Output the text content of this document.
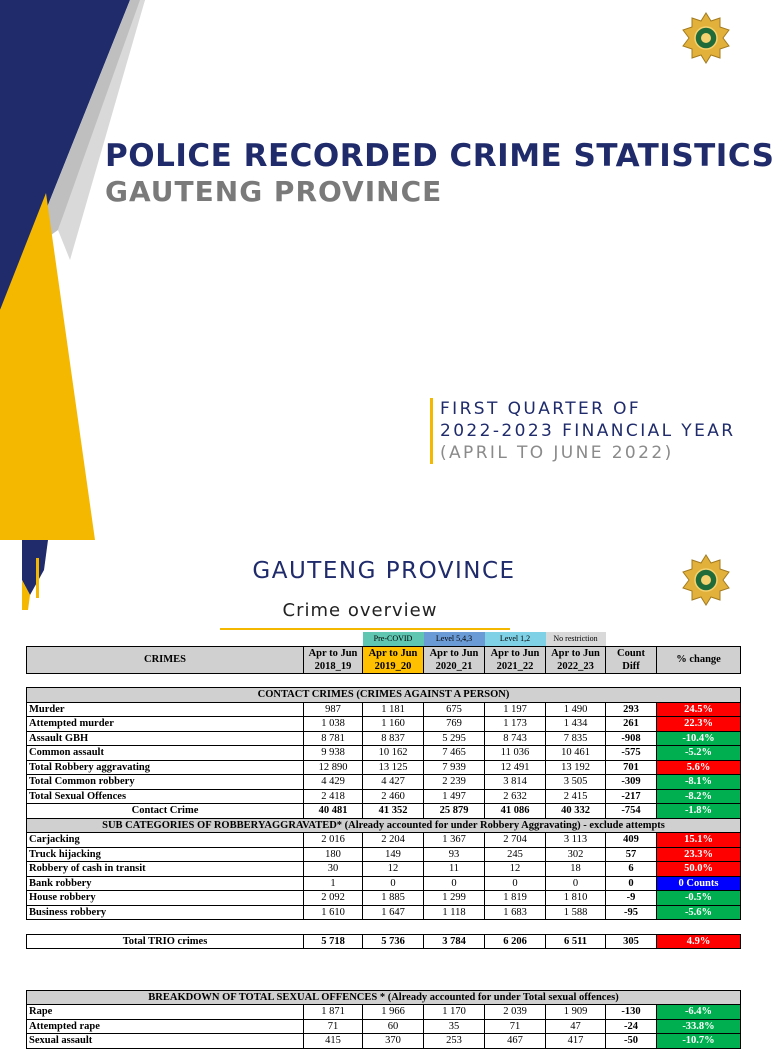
POLICE RECORDED CRIME STATISTICS
GAUTENG PROVINCE
FIRST QUARTER OF
2022-2023 FINANCIAL YEAR
(APRIL TO JUNE 2022)
GAUTENG PROVINCE
Crime overview
		Pre-COVID	Level 5,4,3	Level 1,2	No restriction		
CRIMES	Apr to Jun 2018_19	Apr to Jun 2019_20	Apr to Jun 2020_21	Apr to Jun 2021_22	Apr to Jun 2022_23	Count Diff	% change

CONTACT CRIMES (CRIMES AGAINST A PERSON)							
Murder	987	1 181	675	1 197	1 490	293	24.5%
Attempted murder	1 038	1 160	769	1 173	1 434	261	22.3%
Assault GBH	8 781	8 837	5 295	8 743	7 835	-908	-10.4%
Common assault	9 938	10 162	7 465	11 036	10 461	-575	-5.2%
Total Robbery aggravating	12 890	13 125	7 939	12 491	13 192	701	5.6%
Total Common robbery	4 429	4 427	2 239	3 814	3 505	-309	-8.1%
Total Sexual Offences	2 418	2 460	1 497	2 632	2 415	-217	-8.2%
Contact Crime	40 481	41 352	25 879	41 086	40 332	-754	-1.8%
SUB CATEGORIES OF ROBBERYAGGRAVATED* (Already accounted for under Robbery Aggravating) - exclude attempts							
Carjacking	2 016	2 204	1 367	2 704	3 113	409	15.1%
Truck hijacking	180	149	93	245	302	57	23.3%
Robbery of cash in transit	30	12	11	12	18	6	50.0%
Bank robbery	1	0	0	0	0	0	0 Counts
House robbery	2 092	1 885	1 299	1 819	1 810	-9	-0.5%
Business robbery	1 610	1 647	1 118	1 683	1 588	-95	-5.6%

Total TRIO crimes	5 718	5 736	3 784	6 206	6 511	305	4.9%

BREAKDOWN OF TOTAL SEXUAL OFFENCES * (Already accounted for under Total sexual offences)							
Rape	1 871	1 966	1 170	2 039	1 909	-130	-6.4%
Attempted rape	71	60	35	71	47	-24	-33.8%
Sexual assault	415	370	253	467	417	-50	-10.7%
